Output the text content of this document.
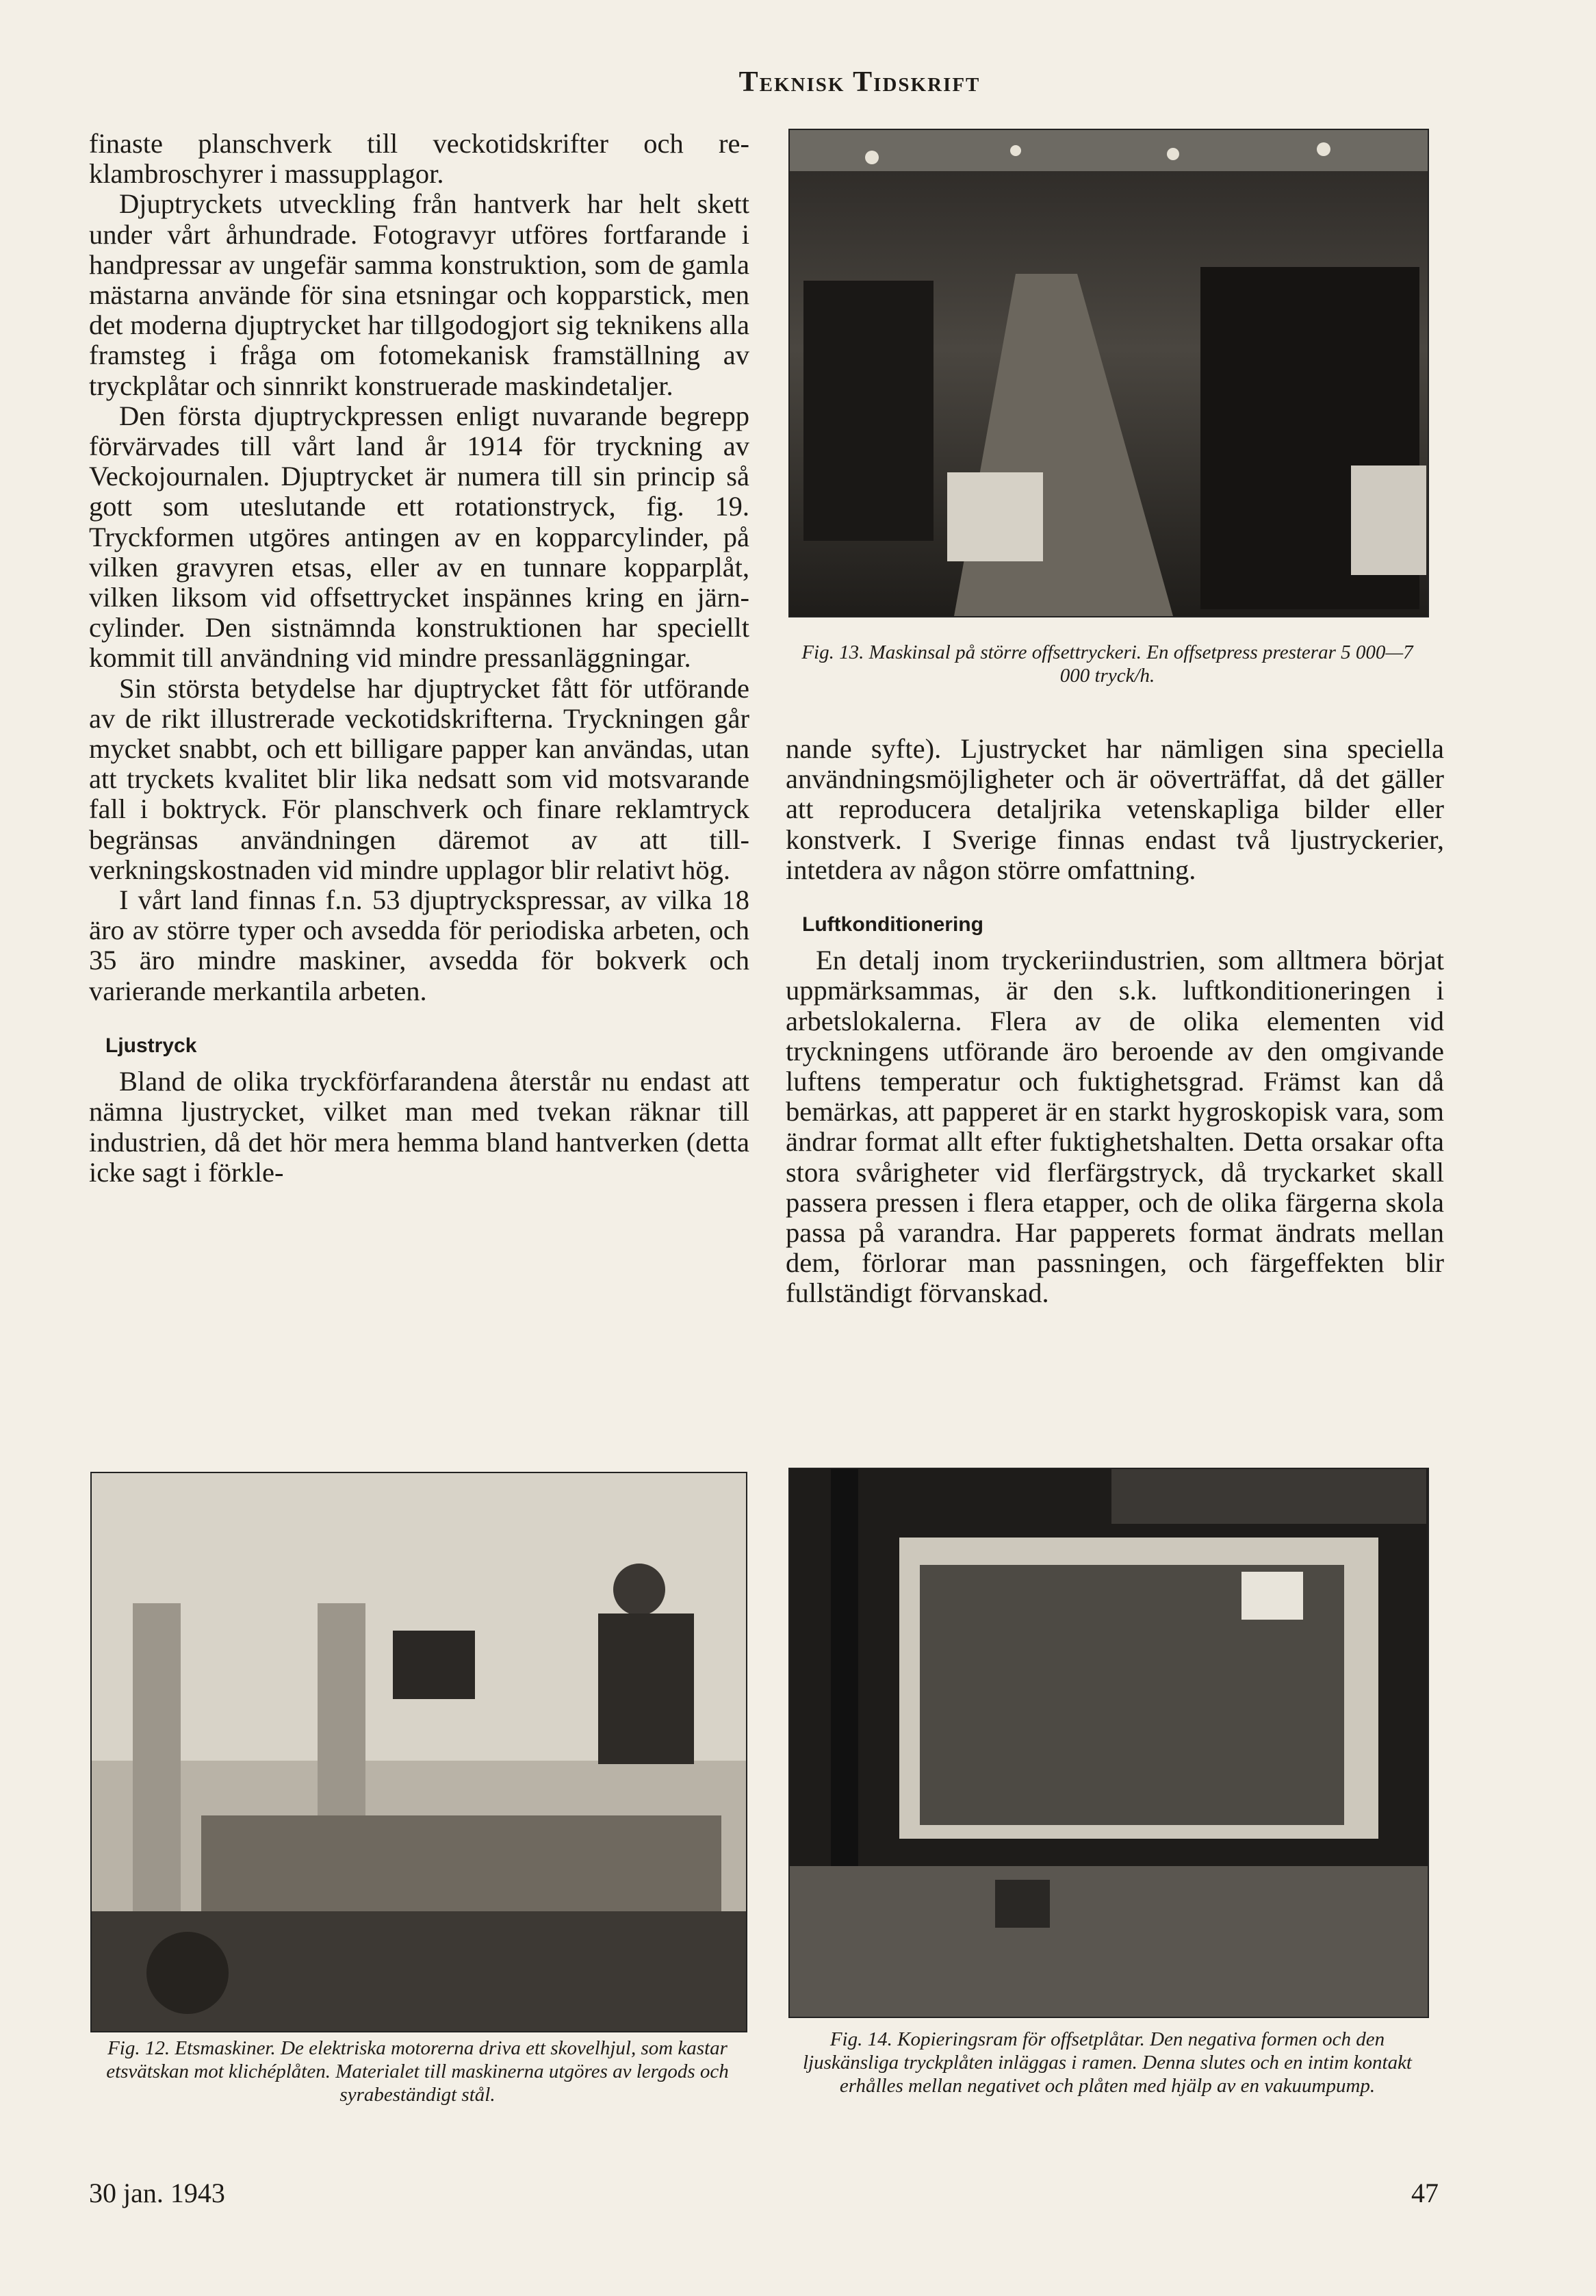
Teknisk Tidskrift

finaste planschverk till veckotidskrifter och reklambroschyrer i massupplagor.

Djuptryckets utveckling från hantverk har helt skett under vårt århundrade. Fotogravyr utföres fortfarande i handpressar av ungefär samma konstruktion, som de gamla mästarna använde för sina etsningar och kopparstick, men det moderna djuptrycket har tillgodogjort sig teknikens alla framsteg i fråga om fotomekanisk framställning av tryckplåtar och sinnrikt konstruerade maskindetaljer.

Den första djuptryckpressen enligt nuvarande begrepp förvärvades till vårt land år 1914 för tryckning av Veckojournalen. Djuptrycket är numera till sin princip så gott som uteslutande ett rotationstryck, fig. 19. Tryckformen utgöres antingen av en kopparcylinder, på vilken gravyren etsas, eller av en tunnare kopparplåt, vilken liksom vid offsettrycket inspännes kring en järncylinder. Den sistnämnda konstruktionen har speciellt kommit till användning vid mindre pressanläggningar.

Sin största betydelse har djuptrycket fått för utförande av de rikt illustrerade veckotidskrifterna. Tryckningen går mycket snabbt, och ett billigare papper kan användas, utan att tryckets kvalitet blir lika nedsatt som vid motsvarande fall i boktryck. För planschverk och finare reklamtryck begränsas användningen däremot av att tillverkningskostnaden vid mindre upplagor blir relativt hög.

I vårt land finnas f.n. 53 djuptryckspressar, av vilka 18 äro av större typer och avsedda för periodiska arbeten, och 35 äro mindre maskiner, avsedda för bokverk och varierande merkantila arbeten.

Ljustryck

Bland de olika tryckförfarandena återstår nu endast att nämna ljustrycket, vilket man med tvekan räknar till industrien, då det hör mera hemma bland hantverken (detta icke sagt i förkle-

Fig. 13. Maskinsal på större offsettryckeri. En offsetpress presterar 5 000—7 000 tryck/h.

nande syfte). Ljustrycket har nämligen sina speciella användningsmöjligheter och är oöverträffat, då det gäller att reproducera detaljrika vetenskapliga bilder eller konstverk. I Sverige finnas endast två ljustryckerier, intetdera av någon större omfattning.

Luftkonditionering

En detalj inom tryckeriindustrien, som alltmera börjat uppmärksammas, är den s.k. luftkonditioneringen i arbetslokalerna. Flera av de olika elementen vid tryckningens utförande äro beroende av den omgivande luftens temperatur och fuktighetsgrad. Främst kan då bemärkas, att papperet är en starkt hygroskopisk vara, som ändrar format allt efter fuktighetshalten. Detta orsakar ofta stora svårigheter vid flerfärgstryck, då tryckarket skall passera pressen i flera etapper, och de olika färgerna skola passa på varandra. Har papperets format ändrats mellan dem, förlorar man passningen, och färgeffekten blir fullständigt förvanskad.

Fig. 12. Etsmaskiner. De elektriska motorerna driva ett skovelhjul, som kastar etsvätskan mot klichéplåten. Materialet till maskinerna utgöres av lergods och syrabeständigt stål.
Fig. 14. Kopieringsram för offsetplåtar. Den negativa formen och den ljuskänsliga tryckplåten inläggas i ramen. Denna slutes och en intim kontakt erhålles mellan negativet och plåten med hjälp av en vakuumpump.
30 jan. 1943	47
